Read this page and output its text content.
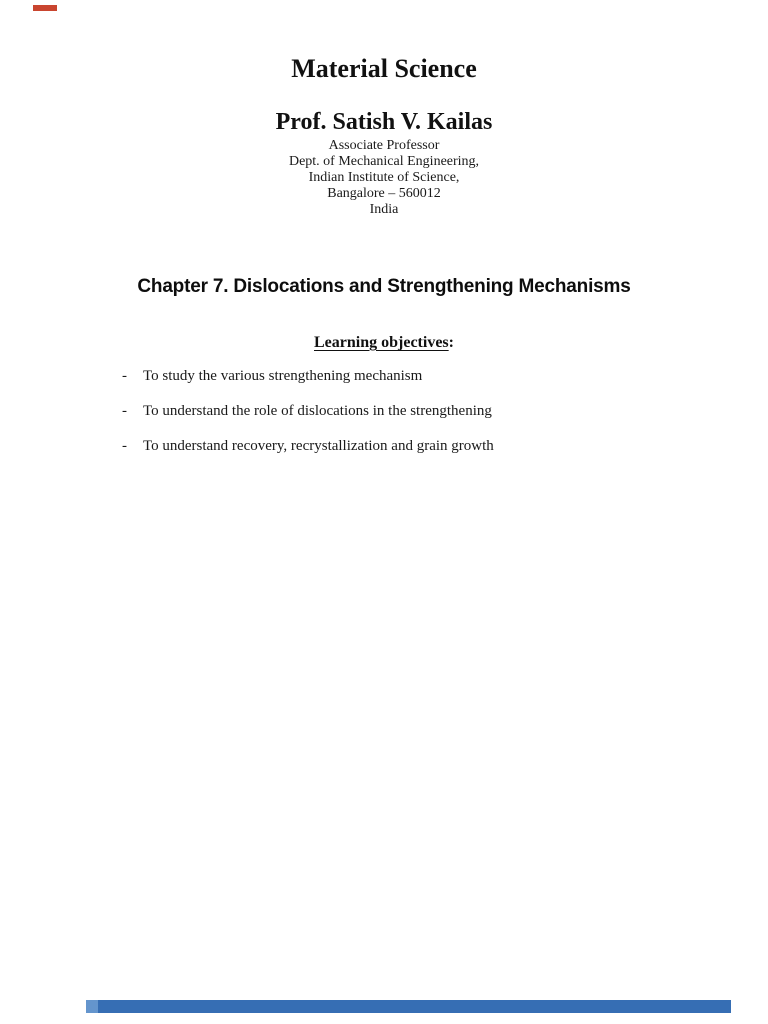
Material Science
Prof. Satish V. Kailas
Associate Professor
Dept. of Mechanical Engineering,
Indian Institute of Science,
Bangalore – 560012
India
Chapter 7. Dislocations and Strengthening Mechanisms
Learning objectives:
- To study the various strengthening mechanism
- To understand the role of dislocations in the strengthening
- To understand recovery, recrystallization and grain growth
